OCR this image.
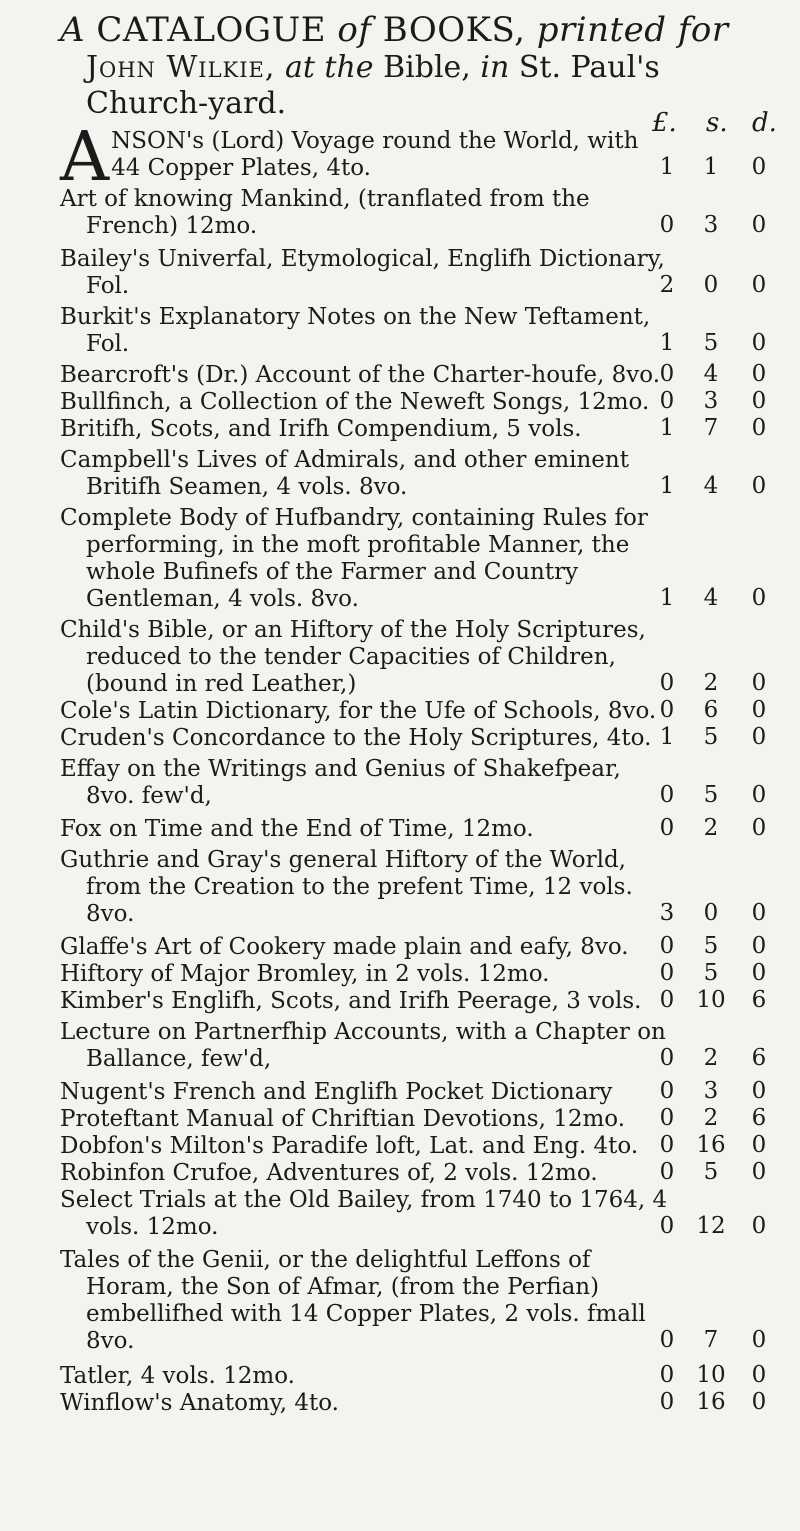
A CATALOGUE of BOOKS, printed for
John Wilkie, at the Bible, in St. Paul's
Church-yard.
£. s. d.
ANSON's (Lord) Voyage round the World, with 44 Copper Plates, 4to.	1	1	0
Art of knowing Mankind, (tranflated from the French) 12mo.	0	3	0
Bailey's Univerfal, Etymological, Englifh Dictionary, Fol.	2	0	0
Burkit's Explanatory Notes on the New Teftament, Fol.	1	5	0
Bearcroft's (Dr.) Account of the Charter-houfe, 8vo. 0	4	0
Bullfinch, a Collection of the Neweft Songs, 12mo. 0	3	0
Britifh, Scots, and Irifh Compendium, 5 vols.	1	7	0
Campbell's Lives of Admirals, and other eminent Britifh Seamen, 4 vols. 8vo.	1	4	0
Complete Body of Hufbandry, containing Rules for performing, in the moft profitable Manner, the whole Bufinefs of the Farmer and Country Gentleman, 4 vols. 8vo.	1	4	0
Child's Bible, or an Hiftory of the Holy Scriptures, reduced to the tender Capacities of Children, (bound in red Leather,)	0	2	0
Cole's Latin Dictionary, for the Ufe of Schools, 8vo. 0	6	0
Cruden's Concordance to the Holy Scriptures, 4to. 1	5	0
Effay on the Writings and Genius of Shakefpear, 8vo. few'd,	0	5	0
Fox on Time and the End of Time, 12mo.	0	2	0
Guthrie and Gray's general Hiftory of the World, from the Creation to the prefent Time, 12 vols. 8vo.	3	0	0
Glaffe's Art of Cookery made plain and eafy, 8vo.	0	5	0
Hiftory of Major Bromley, in 2 vols. 12mo.	0	5	0
Kimber's Englifh, Scots, and Irifh Peerage, 3 vols. 0 10	6
Lecture on Partnerfhip Accounts, with a Chapter on Ballance, few'd,	0	2	6
Nugent's French and Englifh Pocket Dictionary	0	3	0
Proteftant Manual of Chriftian Devotions, 12mo.	0	2	6
Dobfon's Milton's Paradife loft, Lat. and Eng. 4to. 0 16	0
Robinfon Crufoe, Adventures of, 2 vols. 12mo.	0	5	0
Select Trials at the Old Bailey, from 1740 to 1764, 4 vols. 12mo.	0 12	0
Tales of the Genii, or the delightful Leffons of Horam, the Son of Afmar, (from the Perfian) embellifhed with 14 Copper Plates, 2 vols. fmall 8vo.	0	7	0
Tatler, 4 vols. 12mo.	0 10	0
Winflow's Anatomy, 4to.	0 16	0
